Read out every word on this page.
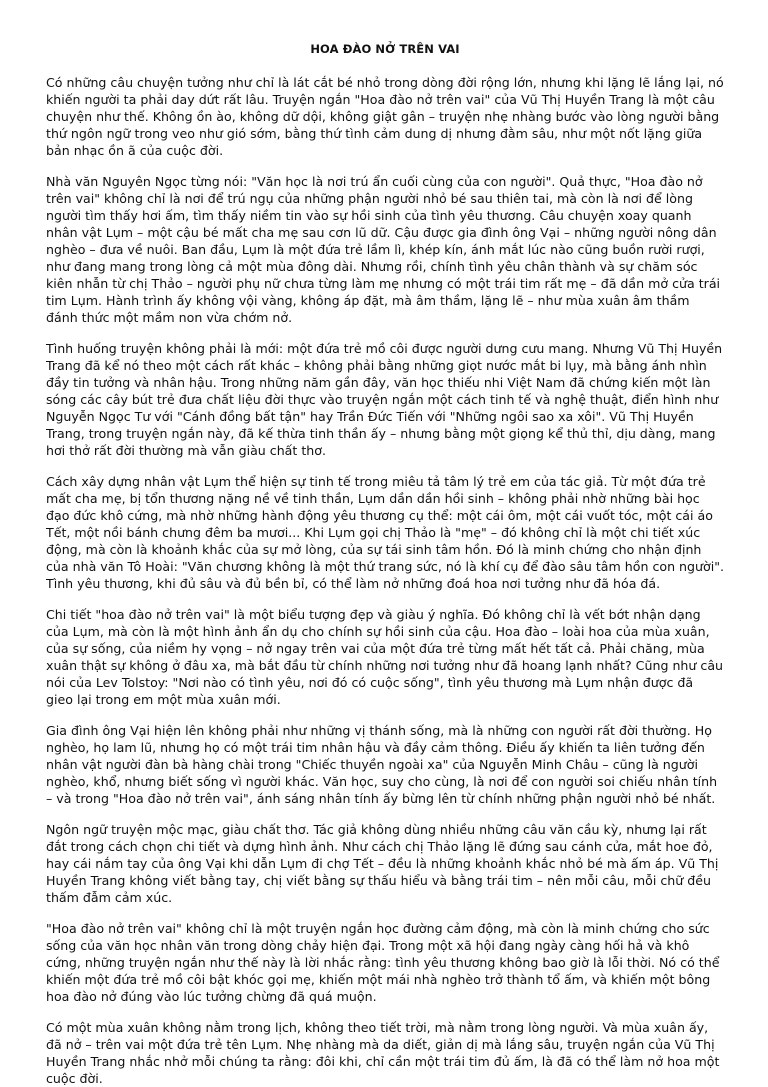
HOA ĐÀO NỞ TRÊN VAI

Có những câu chuyện tưởng như chỉ là lát cắt bé nhỏ trong dòng đời rộng lớn, nhưng khi lặng lẽ lắng lại, nó khiến người ta phải day dứt rất lâu. Truyện ngắn "Hoa đào nở trên vai" của Vũ Thị Huyền Trang là một câu chuyện như thế. Không ồn ào, không dữ dội, không giật gân – truyện nhẹ nhàng bước vào lòng người bằng thứ ngôn ngữ trong veo như gió sớm, bằng thứ tình cảm dung dị nhưng đằm sâu, như một nốt lặng giữa bản nhạc ồn ã của cuộc đời.

Nhà văn Nguyên Ngọc từng nói: "Văn học là nơi trú ẩn cuối cùng của con người". Quả thực, "Hoa đào nở trên vai" không chỉ là nơi để trú ngụ của những phận người nhỏ bé sau thiên tai, mà còn là nơi để lòng người tìm thấy hơi ấm, tìm thấy niềm tin vào sự hồi sinh của tình yêu thương. Câu chuyện xoay quanh nhân vật Lụm – một cậu bé mất cha mẹ sau cơn lũ dữ. Cậu được gia đình ông Vại – những người nông dân nghèo – đưa về nuôi. Ban đầu, Lụm là một đứa trẻ lầm lì, khép kín, ánh mắt lúc nào cũng buồn rười rượi, như đang mang trong lòng cả một mùa đông dài. Nhưng rồi, chính tình yêu chân thành và sự chăm sóc kiên nhẫn từ chị Thảo – người phụ nữ chưa từng làm mẹ nhưng có một trái tim rất mẹ – đã dần mở cửa trái tim Lụm. Hành trình ấy không vội vàng, không áp đặt, mà âm thầm, lặng lẽ – như mùa xuân âm thầm đánh thức một mầm non vừa chớm nở.

Tình huống truyện không phải là mới: một đứa trẻ mồ côi được người dưng cưu mang. Nhưng Vũ Thị Huyền Trang đã kể nó theo một cách rất khác – không phải bằng những giọt nước mắt bi lụy, mà bằng ánh nhìn đầy tin tưởng và nhân hậu. Trong những năm gần đây, văn học thiếu nhi Việt Nam đã chứng kiến một làn sóng các cây bút trẻ đưa chất liệu đời thực vào truyện ngắn một cách tinh tế và nghệ thuật, điển hình như Nguyễn Ngọc Tư với "Cánh đồng bất tận" hay Trần Đức Tiến với "Những ngôi sao xa xôi". Vũ Thị Huyền Trang, trong truyện ngắn này, đã kế thừa tinh thần ấy – nhưng bằng một giọng kể thủ thỉ, dịu dàng, mang hơi thở rất đời thường mà vẫn giàu chất thơ.

Cách xây dựng nhân vật Lụm thể hiện sự tinh tế trong miêu tả tâm lý trẻ em của tác giả. Từ một đứa trẻ mất cha mẹ, bị tổn thương nặng nề về tinh thần, Lụm dần dần hồi sinh – không phải nhờ những bài học đạo đức khô cứng, mà nhờ những hành động yêu thương cụ thể: một cái ôm, một cái vuốt tóc, một cái áo Tết, một nồi bánh chưng đêm ba mươi... Khi Lụm gọi chị Thảo là "mẹ" – đó không chỉ là một chi tiết xúc động, mà còn là khoảnh khắc của sự mở lòng, của sự tái sinh tâm hồn. Đó là minh chứng cho nhận định của nhà văn Tô Hoài: "Văn chương không là một thứ trang sức, nó là khí cụ để đào sâu tâm hồn con người". Tình yêu thương, khi đủ sâu và đủ bền bỉ, có thể làm nở những đoá hoa nơi tưởng như đã hóa đá.

Chi tiết "hoa đào nở trên vai" là một biểu tượng đẹp và giàu ý nghĩa. Đó không chỉ là vết bớt nhận dạng của Lụm, mà còn là một hình ảnh ẩn dụ cho chính sự hồi sinh của cậu. Hoa đào – loài hoa của mùa xuân, của sự sống, của niềm hy vọng – nở ngay trên vai của một đứa trẻ từng mất hết tất cả. Phải chăng, mùa xuân thật sự không ở đâu xa, mà bắt đầu từ chính những nơi tưởng như đã hoang lạnh nhất? Cũng như câu nói của Lev Tolstoy: "Nơi nào có tình yêu, nơi đó có cuộc sống", tình yêu thương mà Lụm nhận được đã gieo lại trong em một mùa xuân mới.

Gia đình ông Vại hiện lên không phải như những vị thánh sống, mà là những con người rất đời thường. Họ nghèo, họ lam lũ, nhưng họ có một trái tim nhân hậu và đầy cảm thông. Điều ấy khiến ta liên tưởng đến nhân vật người đàn bà hàng chài trong "Chiếc thuyền ngoài xa" của Nguyễn Minh Châu – cũng là người nghèo, khổ, nhưng biết sống vì người khác. Văn học, suy cho cùng, là nơi để con người soi chiếu nhân tính – và trong "Hoa đào nở trên vai", ánh sáng nhân tính ấy bừng lên từ chính những phận người nhỏ bé nhất.

Ngôn ngữ truyện mộc mạc, giàu chất thơ. Tác giả không dùng nhiều những câu văn cầu kỳ, nhưng lại rất đắt trong cách chọn chi tiết và dựng hình ảnh. Như cách chị Thảo lặng lẽ đứng sau cánh cửa, mắt hoe đỏ, hay cái nắm tay của ông Vại khi dẫn Lụm đi chợ Tết – đều là những khoảnh khắc nhỏ bé mà ấm áp. Vũ Thị Huyền Trang không viết bằng tay, chị viết bằng sự thấu hiểu và bằng trái tim – nên mỗi câu, mỗi chữ đều thấm đẫm cảm xúc.

"Hoa đào nở trên vai" không chỉ là một truyện ngắn học đường cảm động, mà còn là minh chứng cho sức sống của văn học nhân văn trong dòng chảy hiện đại. Trong một xã hội đang ngày càng hối hả và khô cứng, những truyện ngắn như thế này là lời nhắc rằng: tình yêu thương không bao giờ là lỗi thời. Nó có thể khiến một đứa trẻ mồ côi bật khóc gọi mẹ, khiến một mái nhà nghèo trở thành tổ ấm, và khiến một bông hoa đào nở đúng vào lúc tưởng chừng đã quá muộn.

Có một mùa xuân không nằm trong lịch, không theo tiết trời, mà nằm trong lòng người. Và mùa xuân ấy, đã nở – trên vai một đứa trẻ tên Lụm. Nhẹ nhàng mà da diết, giản dị mà lắng sâu, truyện ngắn của Vũ Thị Huyền Trang nhắc nhở mỗi chúng ta rằng: đôi khi, chỉ cần một trái tim đủ ấm, là đã có thể làm nở hoa một cuộc đời.
